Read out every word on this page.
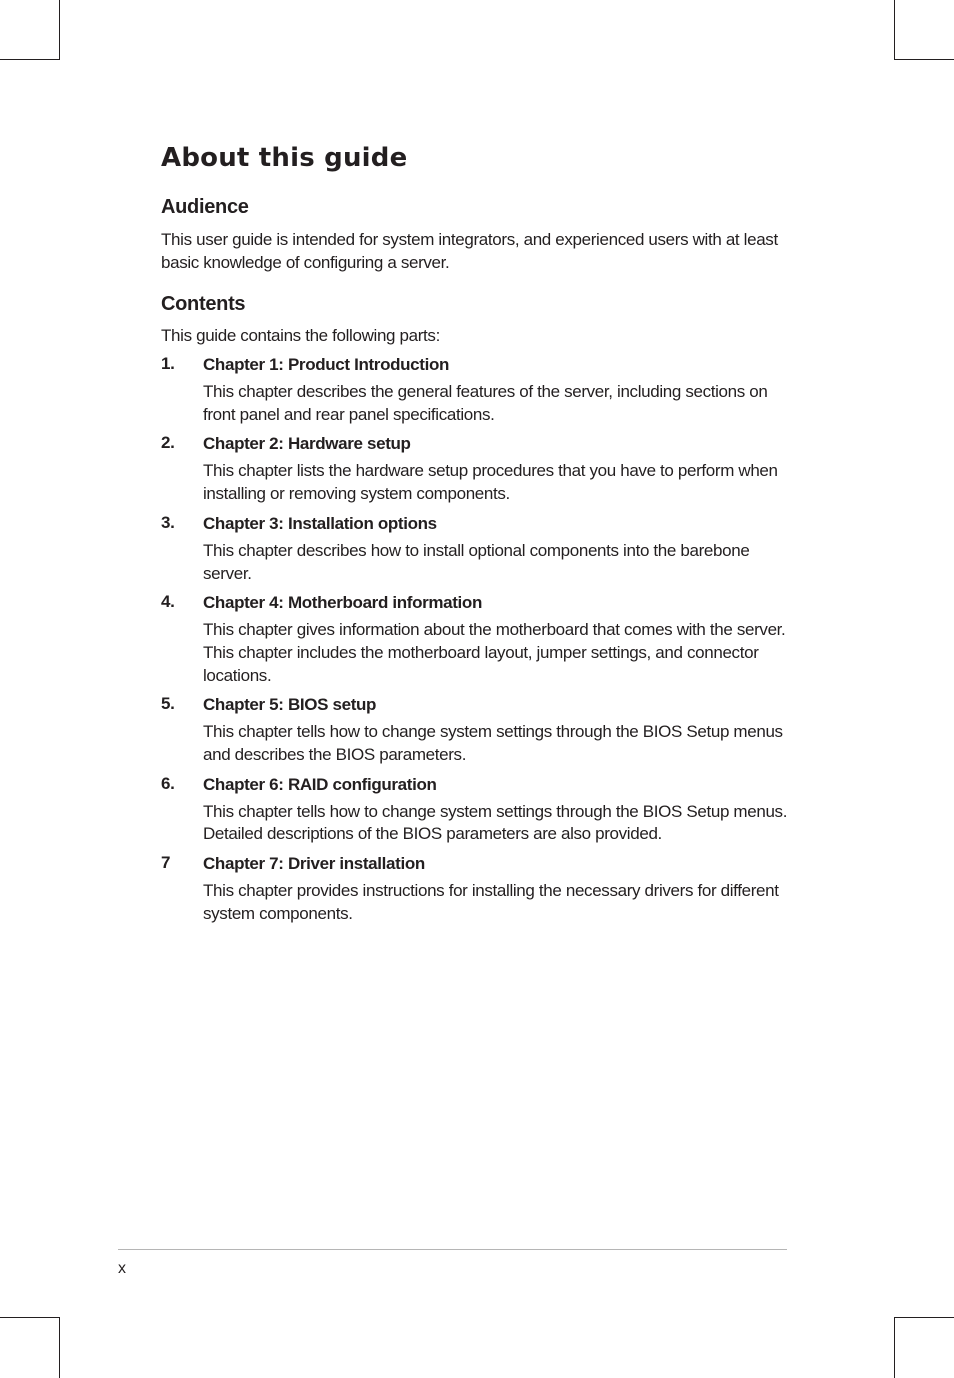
About this guide
Audience

This user guide is intended for system integrators, and experienced users with at least basic knowledge of configuring a server.

Contents

This guide contains the following parts:

1. Chapter 1: Product Introduction
This chapter describes the general features of the server, including sections on front panel and rear panel specifications.
2. Chapter 2: Hardware setup
This chapter lists the hardware setup procedures that you have to perform when installing or removing system components.
3. Chapter 3: Installation options
This chapter describes how to install optional components into the barebone server.
4. Chapter 4: Motherboard information
This chapter gives information about the motherboard that comes with the server. This chapter includes the motherboard layout, jumper settings, and connector locations.
5. Chapter 5: BIOS setup
This chapter tells how to change system settings through the BIOS Setup menus and describes the BIOS parameters.
6. Chapter 6: RAID configuration
This chapter tells how to change system settings through the BIOS Setup menus. Detailed descriptions of the BIOS parameters are also provided.
7 Chapter 7: Driver installation
This chapter provides instructions for installing the necessary drivers for different system components.
x
